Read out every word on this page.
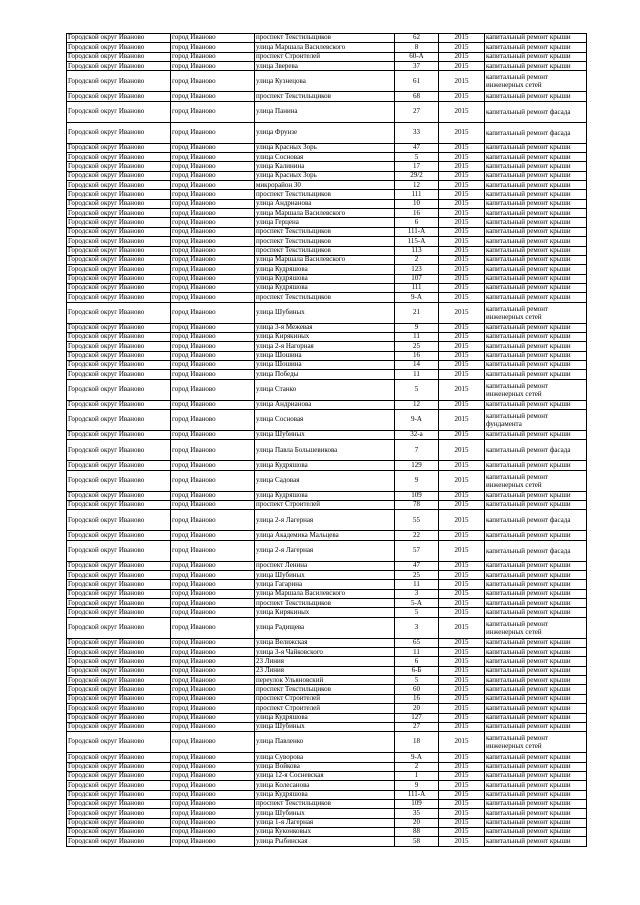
Городской округ Иваново	город Иваново	проспект Текстильщиков	62	2015	капитальный ремонт крыши
Городской округ Иваново	город Иваново	улица Маршала Василевского	8	2015	капитальный ремонт крыши
Городской округ Иваново	город Иваново	проспект Строителей	60-А	2015	капитальный ремонт крыши
Городской округ Иваново	город Иваново	улица Зверева	37	2015	капитальный ремонт крыши
Городской округ Иваново	город Иваново	улица Кузнецова	61	2015	капитальный ремонт инженерных сетей
Городской округ Иваново	город Иваново	проспект Текстильщиков	68	2015	капитальный ремонт крыши
Городской округ Иваново	город Иваново	улица Панина	27	2015	капитальный ремонт фасада
Городской округ Иваново	город Иваново	улица Фрунзе	33	2015	капитальный ремонт фасада
Городской округ Иваново	город Иваново	улица Красных Зорь	47	2015	капитальный ремонт крыши
Городской округ Иваново	город Иваново	улица Сосновая	5	2015	капитальный ремонт крыши
Городской округ Иваново	город Иваново	улица Калинина	17	2015	капитальный ремонт крыши
Городской округ Иваново	город Иваново	улица Красных Зорь	29/2	2015	капитальный ремонт крыши
Городской округ Иваново	город Иваново	микрорайон 30	12	2015	капитальный ремонт крыши
Городской округ Иваново	город Иваново	проспект Текстильщиков	111	2015	капитальный ремонт крыши
Городской округ Иваново	город Иваново	улица Андрианова	10	2015	капитальный ремонт крыши
Городской округ Иваново	город Иваново	улица Маршала Василевского	16	2015	капитальный ремонт крыши
Городской округ Иваново	город Иваново	улица Герцена	6	2015	капитальный ремонт крыши
Городской округ Иваново	город Иваново	проспект Текстильщиков	111-А	2015	капитальный ремонт крыши
Городской округ Иваново	город Иваново	проспект Текстильщиков	115-А	2015	капитальный ремонт крыши
Городской округ Иваново	город Иваново	проспект Текстильщиков	113	2015	капитальный ремонт крыши
Городской округ Иваново	город Иваново	улица Маршала Василевского	2	2015	капитальный ремонт крыши
Городской округ Иваново	город Иваново	улица Кудряшова	123	2015	капитальный ремонт крыши
Городской округ Иваново	город Иваново	улица Кудряшова	107	2015	капитальный ремонт крыши
Городской округ Иваново	город Иваново	улица Кудряшова	111	2015	капитальный ремонт крыши
Городской округ Иваново	город Иваново	проспект Текстильщиков	9-А	2015	капитальный ремонт крыши
Городской округ Иваново	город Иваново	улица Шубиных	21	2015	капитальный ремонт инженерных сетей
Городской округ Иваново	город Иваново	улица 3-я Межевая	9	2015	капитальный ремонт крыши
Городской округ Иваново	город Иваново	улица Кирякиных	11	2015	капитальный ремонт крыши
Городской округ Иваново	город Иваново	улица 2-я Нагорная	25	2015	капитальный ремонт крыши
Городской округ Иваново	город Иваново	улица Шошина	16	2015	капитальный ремонт крыши
Городской округ Иваново	город Иваново	улица Шошина	14	2015	капитальный ремонт крыши
Городской округ Иваново	город Иваново	улица Победы	11	2015	капитальный ремонт крыши
Городской округ Иваново	город Иваново	улица Станко	5	2015	капитальный ремонт инженерных сетей
Городской округ Иваново	город Иваново	улица Андрианова	12	2015	капитальный ремонт крыши
Городской округ Иваново	город Иваново	улица Сосновая	9-А	2015	капитальный ремонт фундамента
Городской округ Иваново	город Иваново	улица Шубиных	32-а	2015	капитальный ремонт крыши
Городской округ Иваново	город Иваново	улица Павла Большевикова	7	2015	капитальный ремонт фасада
Городской округ Иваново	город Иваново	улица Кудряшова	129	2015	капитальный ремонт крыши
Городской округ Иваново	город Иваново	улица Садовая	9	2015	капитальный ремонт инженерных сетей
Городской округ Иваново	город Иваново	улица Кудряшова	109	2015	капитальный ремонт крыши
Городской округ Иваново	город Иваново	проспект Строителей	78	2015	капитальный ремонт крыши
Городской округ Иваново	город Иваново	улица 2-я Лагерная	55	2015	капитальный ремонт фасада
Городской округ Иваново	город Иваново	улица Академика Мальцева	22	2015	капитальный ремонт крыши
Городской округ Иваново	город Иваново	улица 2-я Лагерная	57	2015	капитальный ремонт фасада
Городской округ Иваново	город Иваново	проспект Ленина	47	2015	капитальный ремонт крыши
Городской округ Иваново	город Иваново	улица Шубиных	25	2015	капитальный ремонт крыши
Городской округ Иваново	город Иваново	улица Гагарина	11	2015	капитальный ремонт крыши
Городской округ Иваново	город Иваново	улица Маршала Василевского	3	2015	капитальный ремонт крыши
Городской округ Иваново	город Иваново	проспект Текстильщиков	5-А	2015	капитальный ремонт крыши
Городской округ Иваново	город Иваново	улица Кирякиных	5	2015	капитальный ремонт крыши
Городской округ Иваново	город Иваново	улица Радищева	3	2015	капитальный ремонт инженерных сетей
Городской округ Иваново	город Иваново	улица Велижская	65	2015	капитальный ремонт крыши
Городской округ Иваново	город Иваново	улица 3-я Чайковского	11	2015	капитальный ремонт крыши
Городской округ Иваново	город Иваново	23 Линия	6	2015	капитальный ремонт крыши
Городской округ Иваново	город Иваново	23 Линия	6-Б	2015	капитальный ремонт крыши
Городской округ Иваново	город Иваново	переулок Ульяновский	5	2015	капитальный ремонт крыши
Городской округ Иваново	город Иваново	проспект Текстильщиков	60	2015	капитальный ремонт крыши
Городской округ Иваново	город Иваново	проспект Строителей	16	2015	капитальный ремонт крыши
Городской округ Иваново	город Иваново	проспект Строителей	20	2015	капитальный ремонт крыши
Городской округ Иваново	город Иваново	улица Кудряшова	127	2015	капитальный ремонт крыши
Городской округ Иваново	город Иваново	улица Шубиных	27	2015	капитальный ремонт крыши
Городской округ Иваново	город Иваново	улица Павленко	18	2015	капитальный ремонт инженерных сетей
Городской округ Иваново	город Иваново	улица Суворова	9-А	2015	капитальный ремонт крыши
Городской округ Иваново	город Иваново	улица Войкова	2	2015	капитальный ремонт крыши
Городской округ Иваново	город Иваново	улица 12-я Сосневская	1	2015	капитальный ремонт крыши
Городской округ Иваново	город Иваново	улица Колесанова	9	2015	капитальный ремонт крыши
Городской округ Иваново	город Иваново	улица Кудряшова	111-А	2015	капитальный ремонт крыши
Городской округ Иваново	город Иваново	проспект Текстильщиков	109	2015	капитальный ремонт крыши
Городской округ Иваново	город Иваново	улица Шубиных	35	2015	капитальный ремонт крыши
Городской округ Иваново	город Иваново	улица 1-я Лагерная	20	2015	капитальный ремонт крыши
Городской округ Иваново	город Иваново	улица Куконковых	88	2015	капитальный ремонт крыши
Городской округ Иваново	город Иваново	улица Рыбинская	58	2015	капитальный ремонт крыши
